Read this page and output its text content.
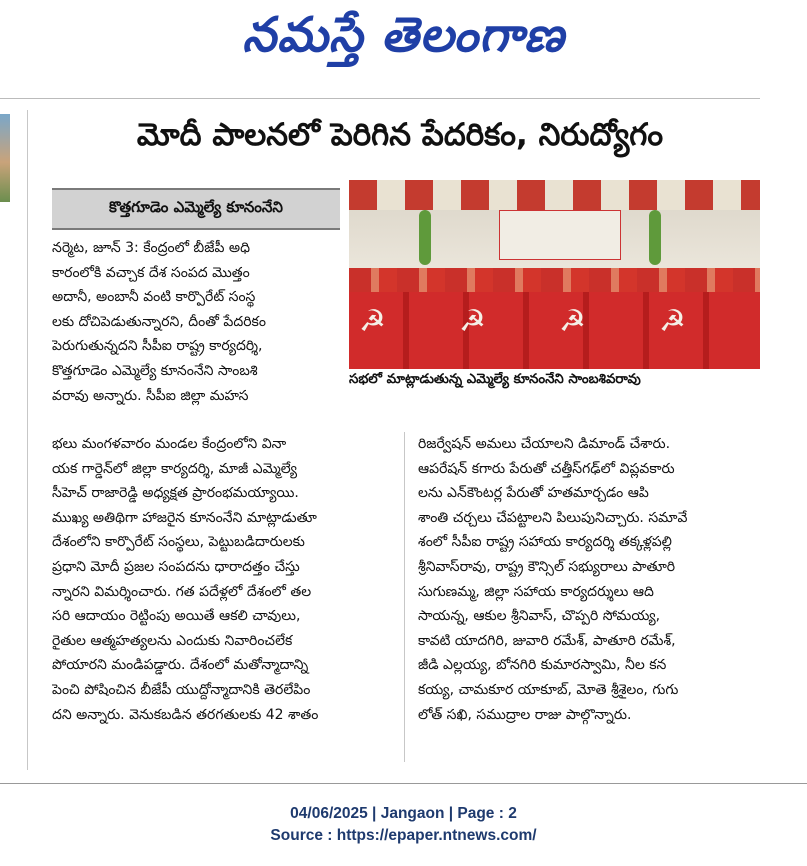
నమస్తే తెలంగాణ
మోదీ పాలనలో పెరిగిన పేదరికం, నిరుద్యోగం
కొత్తగూడెం ఎమ్మెల్యే కూనంనేని
☭ ☭ ☭ ☭
సభలో మాట్లాడుతున్న ఎమ్మెల్యే కూనంనేని సాంబశివరావు
నర్మెట, జూన్ 3: కేంద్రంలో బీజేపీ అధి
కారంలోకి వచ్చాక దేశ సంపద మొత్తం
అదానీ, అంబానీ వంటి కార్పొరేట్ సంస్థ
లకు దోచిపెడుతున్నారని, దీంతో పేదరికం
పెరుగుతున్నదని సీపీఐ రాష్ట్ర కార్యదర్శి,
కొత్తగూడెం ఎమ్మెల్యే కూనంనేని సాంబశి
వరావు అన్నారు. సీపీఐ జిల్లా మహస
భలు మంగళవారం మండల కేంద్రంలోని వినా
యక గార్డెన్‌లో జిల్లా కార్యదర్శి, మాజీ ఎమ్మెల్యే
సీహెచ్ రాజారెడ్డి అధ్యక్షత ప్రారంభమయ్యాయి.
ముఖ్య అతిథిగా హాజరైన కూనంనేని మాట్లాడుతూ
దేశంలోని కార్పొరేట్ సంస్థలు, పెట్టుబడిదారులకు
ప్రధాని మోదీ ప్రజల సంపదను ధారాదత్తం చేస్తు
న్నారని విమర్శించారు. గత పదేళ్లలో దేశంలో తల
సరి ఆదాయం రెట్టింపు అయితే ఆకలి చావులు,
రైతుల ఆత్మహత్యలను ఎందుకు నివారించలేక
పోయారని మండిపడ్డారు. దేశంలో మతోన్మాదాన్ని
పెంచి పోషించిన బీజేపీ యుద్దోన్మాదానికి తెరలేపిం
దని అన్నారు. వెనుకబడిన తరగతులకు 42 శాతం
రిజర్వేషన్ అమలు చేయాలని డిమాండ్ చేశారు.
ఆపరేషన్ కగారు పేరుతో చత్తీస్‌గఢ్‌లో విప్లవకారు
లను ఎన్‌కౌంటర్ల పేరుతో హతమార్చడం ఆపి
శాంతి చర్చలు చేపట్టాలని పిలుపునిచ్చారు. సమావే
శంలో సీపీఐ రాష్ట్ర సహాయ కార్యదర్శి తక్కళ్లపల్లి
శ్రీనివాస్‌రావు, రాష్ట్ర కౌన్సిల్ సభ్యురాలు పాతూరి
సుగుణమ్మ, జిల్లా సహాయ కార్యదర్శులు ఆది
సాయన్న, ఆకుల శ్రీనివాస్, చొప్పరి సోమయ్య,
కావటి యాదగిరి, జువారి రమేశ్, పాతూరి రమేశ్,
జీడి ఎల్లయ్య, బోనగిరి కుమారస్వామి, నీల కన
కయ్య, చామకూర యాకూబ్, మోతె శ్రీశైలం, గుగు
లోత్ సఖి, సముద్రాల రాజు పాల్గొన్నారు.
04/06/2025 | Jangaon | Page : 2
Source : https://epaper.ntnews.com/
